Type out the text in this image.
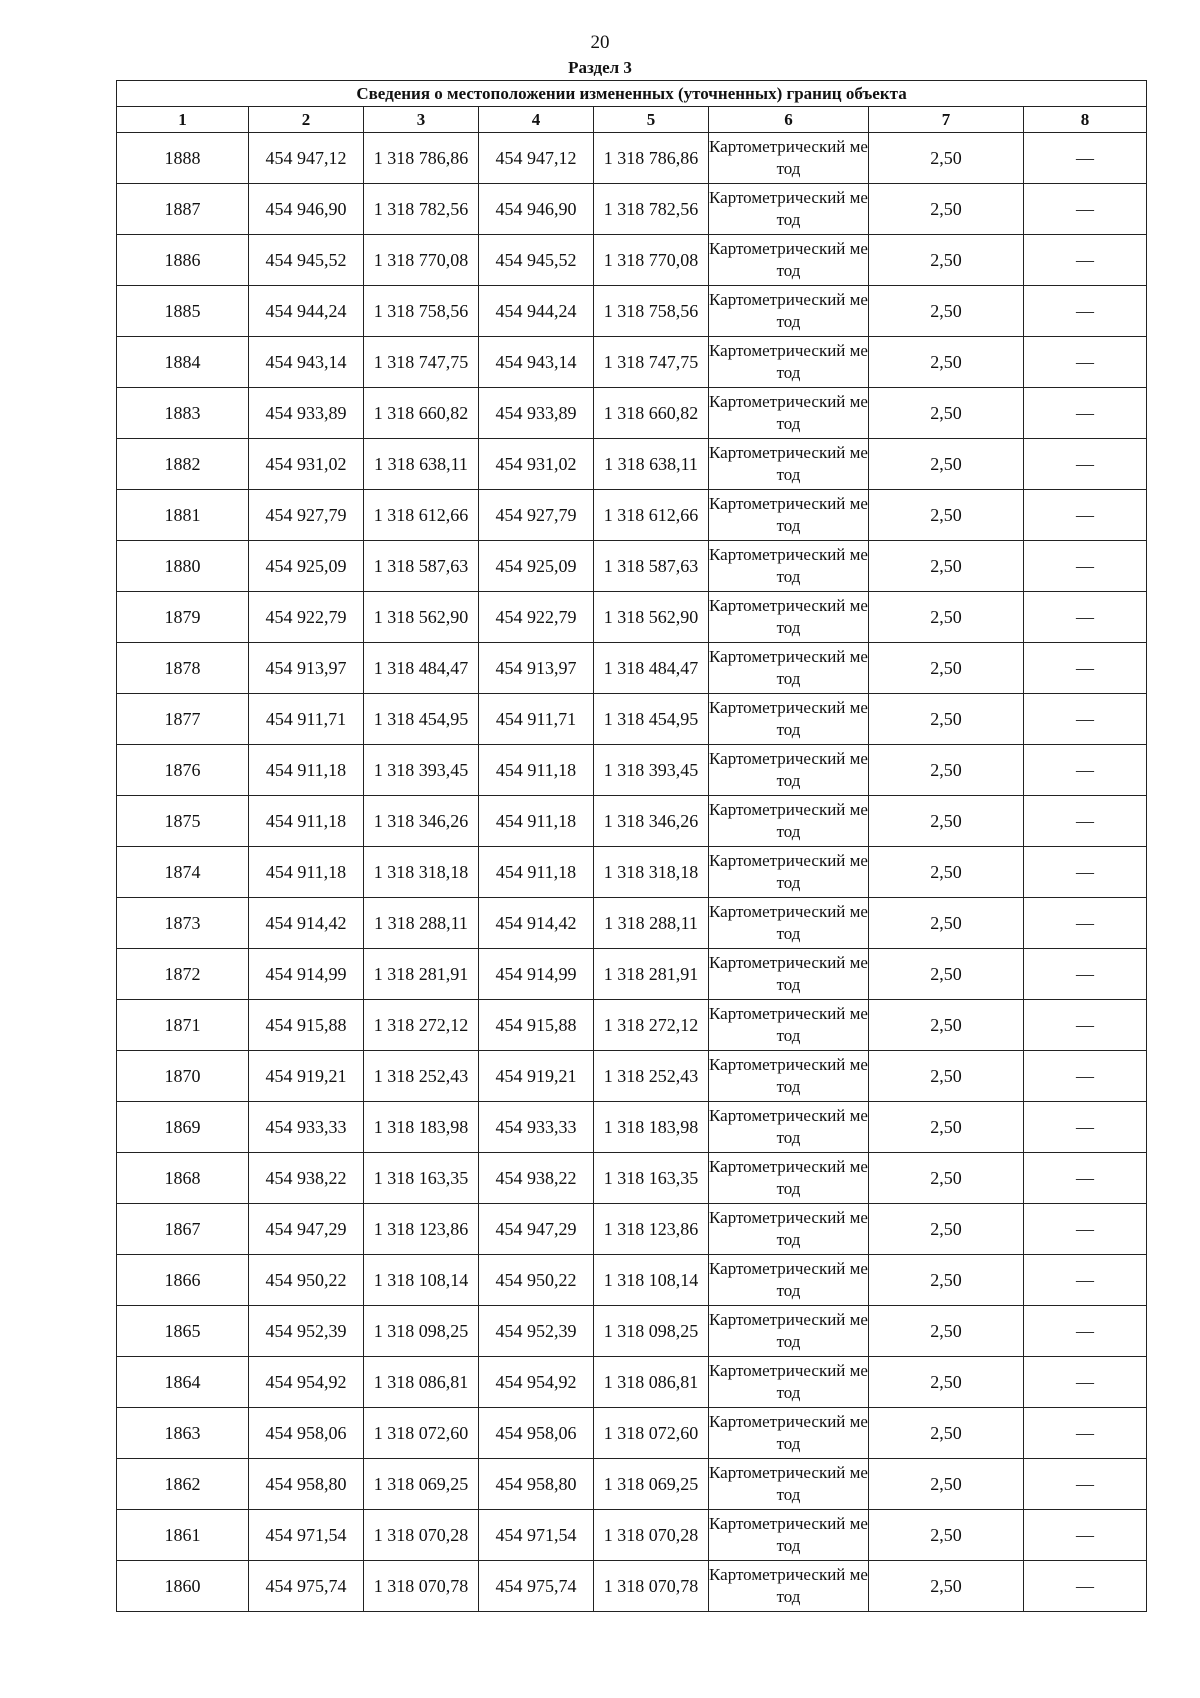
20
Раздел 3
Сведения о местоположении измененных (уточненных) границ объекта							
1	2	3	4	5	6	7	8
1888	454 947,12	1 318 786,86	454 947,12	1 318 786,86	Картометрический метод	2,50	—
1887	454 946,90	1 318 782,56	454 946,90	1 318 782,56	Картометрический метод	2,50	—
1886	454 945,52	1 318 770,08	454 945,52	1 318 770,08	Картометрический метод	2,50	—
1885	454 944,24	1 318 758,56	454 944,24	1 318 758,56	Картометрический метод	2,50	—
1884	454 943,14	1 318 747,75	454 943,14	1 318 747,75	Картометрический метод	2,50	—
1883	454 933,89	1 318 660,82	454 933,89	1 318 660,82	Картометрический метод	2,50	—
1882	454 931,02	1 318 638,11	454 931,02	1 318 638,11	Картометрический метод	2,50	—
1881	454 927,79	1 318 612,66	454 927,79	1 318 612,66	Картометрический метод	2,50	—
1880	454 925,09	1 318 587,63	454 925,09	1 318 587,63	Картометрический метод	2,50	—
1879	454 922,79	1 318 562,90	454 922,79	1 318 562,90	Картометрический метод	2,50	—
1878	454 913,97	1 318 484,47	454 913,97	1 318 484,47	Картометрический метод	2,50	—
1877	454 911,71	1 318 454,95	454 911,71	1 318 454,95	Картометрический метод	2,50	—
1876	454 911,18	1 318 393,45	454 911,18	1 318 393,45	Картометрический метод	2,50	—
1875	454 911,18	1 318 346,26	454 911,18	1 318 346,26	Картометрический метод	2,50	—
1874	454 911,18	1 318 318,18	454 911,18	1 318 318,18	Картометрический метод	2,50	—
1873	454 914,42	1 318 288,11	454 914,42	1 318 288,11	Картометрический метод	2,50	—
1872	454 914,99	1 318 281,91	454 914,99	1 318 281,91	Картометрический метод	2,50	—
1871	454 915,88	1 318 272,12	454 915,88	1 318 272,12	Картометрический метод	2,50	—
1870	454 919,21	1 318 252,43	454 919,21	1 318 252,43	Картометрический метод	2,50	—
1869	454 933,33	1 318 183,98	454 933,33	1 318 183,98	Картометрический метод	2,50	—
1868	454 938,22	1 318 163,35	454 938,22	1 318 163,35	Картометрический метод	2,50	—
1867	454 947,29	1 318 123,86	454 947,29	1 318 123,86	Картометрический метод	2,50	—
1866	454 950,22	1 318 108,14	454 950,22	1 318 108,14	Картометрический метод	2,50	—
1865	454 952,39	1 318 098,25	454 952,39	1 318 098,25	Картометрический метод	2,50	—
1864	454 954,92	1 318 086,81	454 954,92	1 318 086,81	Картометрический метод	2,50	—
1863	454 958,06	1 318 072,60	454 958,06	1 318 072,60	Картометрический метод	2,50	—
1862	454 958,80	1 318 069,25	454 958,80	1 318 069,25	Картометрический метод	2,50	—
1861	454 971,54	1 318 070,28	454 971,54	1 318 070,28	Картометрический метод	2,50	—
1860	454 975,74	1 318 070,78	454 975,74	1 318 070,78	Картометрический метод	2,50	—
